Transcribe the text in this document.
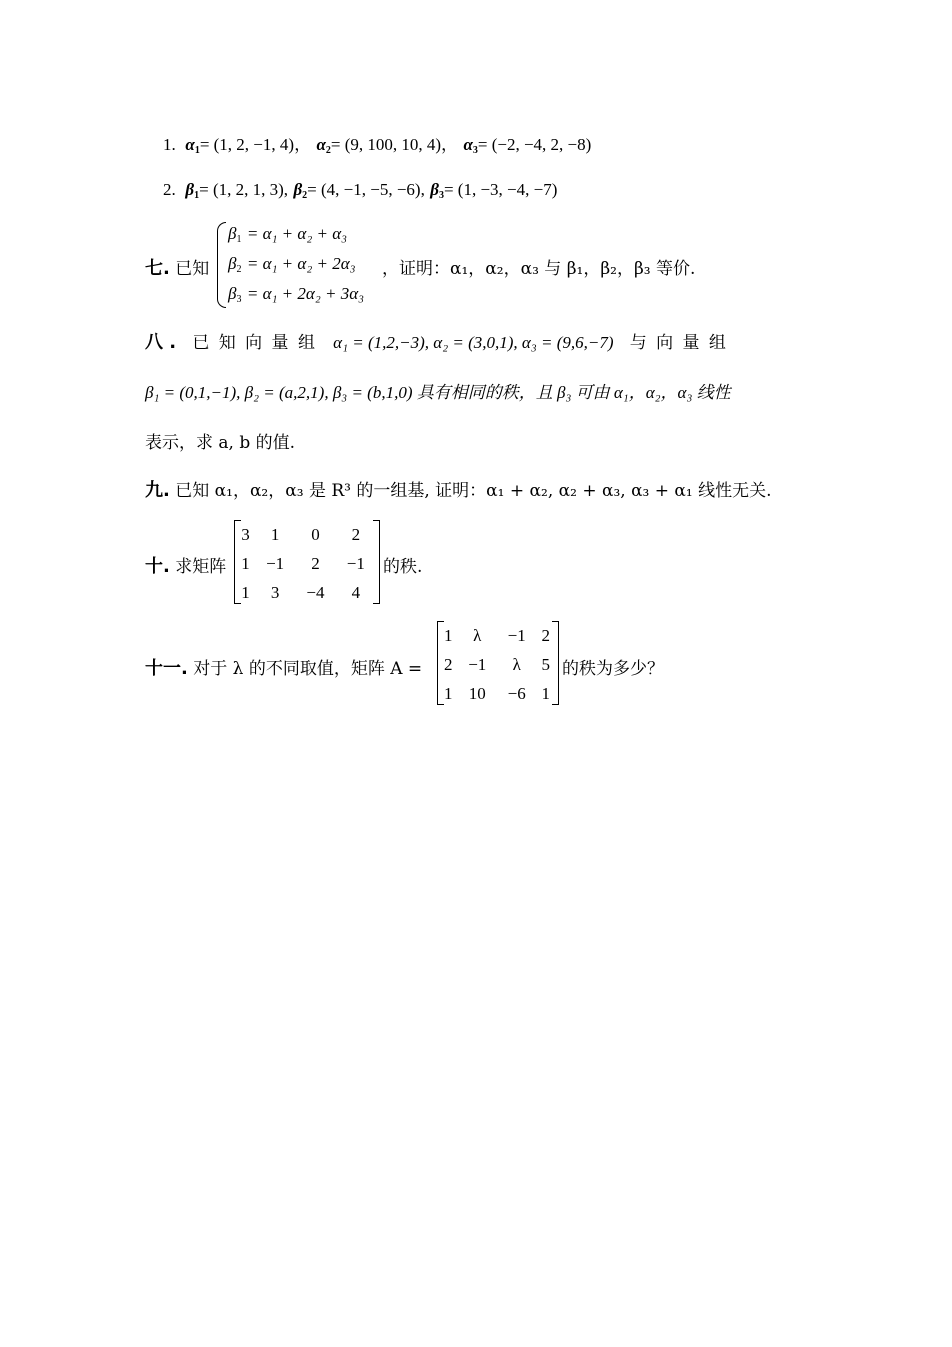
1.  $\alpha_1= (1$, 2, −1, 4)， $\alpha_2= (9$, 100, 10, 4)， $\alpha_3= (-2$, −4, 2, −8)
2.  $\beta_1= (1$, 2, 1, 3), $\beta_2= (4$, −1, −5, −6), $\beta_3= (1$, −3, −4, −7)
七. 已知
$\beta_1 = \alpha_1 + \alpha_2 + \alpha_3$
$\beta_2 = \alpha_1 + \alpha_2 + 2\alpha_3$
$\beta_3 = \alpha_1 + 2\alpha_2 + 3\alpha_3$
，证明：α₁，α₂，α₃ 与 β₁，β₂，β₃ 等价.
八 . 已 知 向 量 组 α₁ = (1,2,−3), α₂ = (3,0,1), α₃ = (9,6,−7) 与 向 量 组
β₁ = (0,1,−1), β₂ = (a,2,1), β₃ = (b,1,0) 具有相同的秩，且 β₃ 可由 α₁，α₂，α₃ 线性
表示，求 a, b 的值.
九. 已知 α₁，α₂，α₃ 是 R³ 的一组基, 证明：α₁ + α₂, α₂ + α₃, α₃ + α₁ 线性无关.
十. 求矩阵
3	1	0	2
1	−1	2	−1
1	3	−4	4
的秩.
十一. 对于 λ 的不同取值，矩阵 A =
1	λ	−1	2
2	−1	λ	5
1	10	−6	1
的秩为多少？
